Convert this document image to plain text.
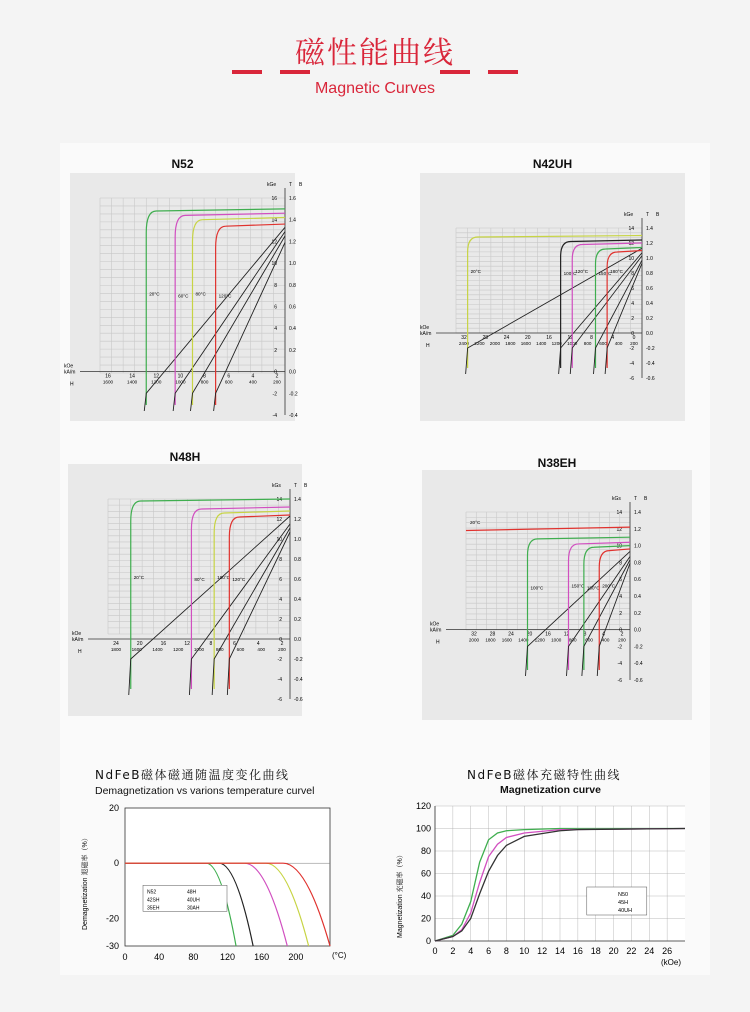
磁性能曲线
Magnetic Curves
N52
kOe
kA/m
H
kGe	T B
16 1.6
14 1.4
12 1.2
10 1.0
8 0.8
6 0.6
4 0.4
2 0.2
0 0.0
-2 -0.2
-4 -0.4
16	14	12	10	8	6	4	2
1600	1400	1200	1000	800	600	400	200
20°C	60°C 80°C	120°C
N42UH
kOe
kA/m
H
kGe	T B
14 1.4
12 1.2
10 1.0
8 0.8
6 0.6
4 0.4
2 0.2
0 0.0
-2 -0.2
-4 -0.4
-6 -0.6
32	28	24	20	16	12	8	4	0
2400 2200 2000 1800 1600 1400 1200 1000 800 600 400 200
20°C	100°C
120°C 150°C
180°C
N48H
kOe
kA/m
H
kGs	T B
14 1.4
12 1.2
10 1.0
8 0.8
6 0.6
4 0.4
2 0.2
0 0.0
-2 -0.2
-4 -0.4
-6 -0.6
24	20	16	12	8	6	4	2
1800 1600 1400 1200 1000	800	600	400	200
20°C	80°C	100°C 120°C
N38EH
kOe
kA/m
H
kGs	T B
14 1.4
12 1.2
10 1.0
8 0.8
6 0.6
4 0.4
2 0.2
0 0.0
-2 -0.2
-4 -0.4
-6 -0.6
32	28	24	20	16	12	8	4	2
2000 1800 1600 1400 1200 1000 800 600 400 200
20°C
100°C	150°C 180°C 200°C
NdFeB磁体磁通随温度变化曲线
Demagnetization vs varions temperature curvel
NdFeB磁体充磁特性曲线
Magnetization curve
20
0
-20
-30
0	40	80 120 160 200	(°C)
Demagnetization 退磁率（%）	N52
42SH
35EH
48H
40UH
30AH
0
20
40
60
80
100
120
0 2 4 6 8 10 12 14 16 18 20 22 24 26
(kOe)
Magnetization 充磁率（%）	N50
45H
40UH
